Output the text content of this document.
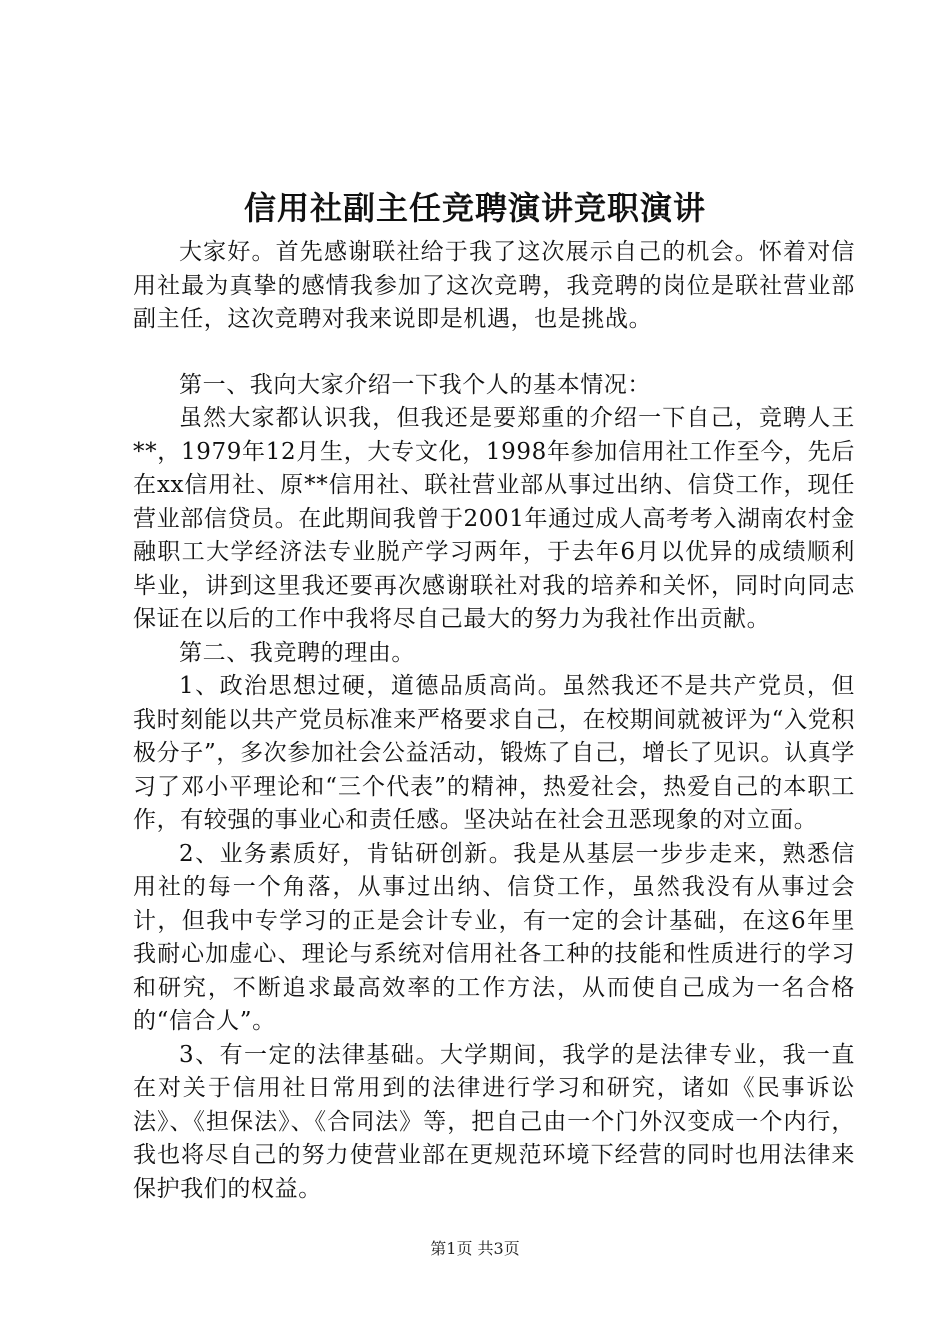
信用社副主任竞聘演讲竞职演讲

大家好。首先感谢联社给于我了这次展示自己的机会。怀着对信用社最为真挚的感情我参加了这次竞聘，我竞聘的岗位是联社营业部副主任，这次竞聘对我来说即是机遇，也是挑战。

第一、我向大家介绍一下我个人的基本情况：

虽然大家都认识我，但我还是要郑重的介绍一下自己，竞聘人王**，1979年12月生，大专文化，1998年参加信用社工作至今，先后在xx信用社、原**信用社、联社营业部从事过出纳、信贷工作，现任营业部信贷员。在此期间我曾于2001年通过成人高考考入湖南农村金融职工大学经济法专业脱产学习两年，于去年6月以优异的成绩顺利毕业，讲到这里我还要再次感谢联社对我的培养和关怀，同时向同志保证在以后的工作中我将尽自己最大的努力为我社作出贡献。

第二、我竞聘的理由。

1、政治思想过硬，道德品质高尚。虽然我还不是共产党员，但我时刻能以共产党员标准来严格要求自己，在校期间就被评为“入党积极分子”，多次参加社会公益活动，锻炼了自己，增长了见识。认真学习了邓小平理论和“三个代表”的精神，热爱社会，热爱自己的本职工作，有较强的事业心和责任感。坚决站在社会丑恶现象的对立面。

2、业务素质好，肯钻研创新。我是从基层一步步走来，熟悉信用社的每一个角落，从事过出纳、信贷工作，虽然我没有从事过会计，但我中专学习的正是会计专业，有一定的会计基础，在这6年里我耐心加虚心、理论与系统对信用社各工种的技能和性质进行的学习和研究，不断追求最高效率的工作方法，从而使自己成为一名合格的“信合人”。

3、有一定的法律基础。大学期间，我学的是法律专业，我一直在对关于信用社日常用到的法律进行学习和研究，诸如《民事诉讼法》、《担保法》、《合同法》等，把自己由一个门外汉变成一个内行，我也将尽自己的努力使营业部在更规范环境下经营的同时也用法律来保护我们的权益。

第1页 共3页
